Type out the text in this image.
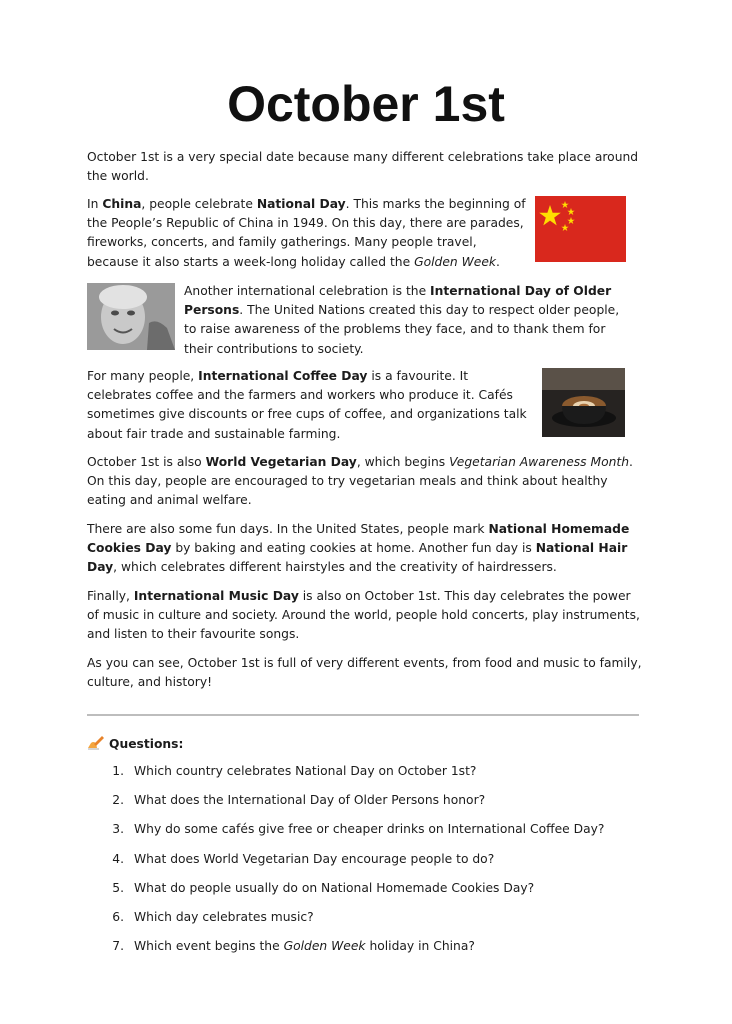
October 1st

October 1st is a very special date because many different celebrations take place around the world.

In China, people celebrate National Day. This marks the beginning of the People’s Republic of China in 1949. On this day, there are parades, fireworks, concerts, and family gatherings. Many people travel, because it also starts a week-long holiday called the Golden Week.

Another international celebration is the International Day of Older Persons. The United Nations created this day to respect older people, to raise awareness of the problems they face, and to thank them for their contributions to society.

For many people, International Coffee Day is a favourite. It celebrates coffee and the farmers and workers who produce it. Cafés sometimes give discounts or free cups of coffee, and organizations talk about fair trade and sustainable farming.

October 1st is also World Vegetarian Day, which begins Vegetarian Awareness Month. On this day, people are encouraged to try vegetarian meals and think about healthy eating and animal welfare.

There are also some fun days. In the United States, people mark National Homemade Cookies Day by baking and eating cookies at home. Another fun day is National Hair Day, which celebrates different hairstyles and the creativity of hairdressers.

Finally, International Music Day is also on October 1st. This day celebrates the power of music in culture and society. Around the world, people hold concerts, play instruments, and listen to their favourite songs.

As you can see, October 1st is full of very different events, from food and music to family, culture, and history!

Questions:
1. Which country celebrates National Day on October 1st?
2. What does the International Day of Older Persons honor?
3. Why do some cafés give free or cheaper drinks on International Coffee Day?
4. What does World Vegetarian Day encourage people to do?
5. What do people usually do on National Homemade Cookies Day?
6. Which day celebrates music?
7. Which event begins the Golden Week holiday in China?
